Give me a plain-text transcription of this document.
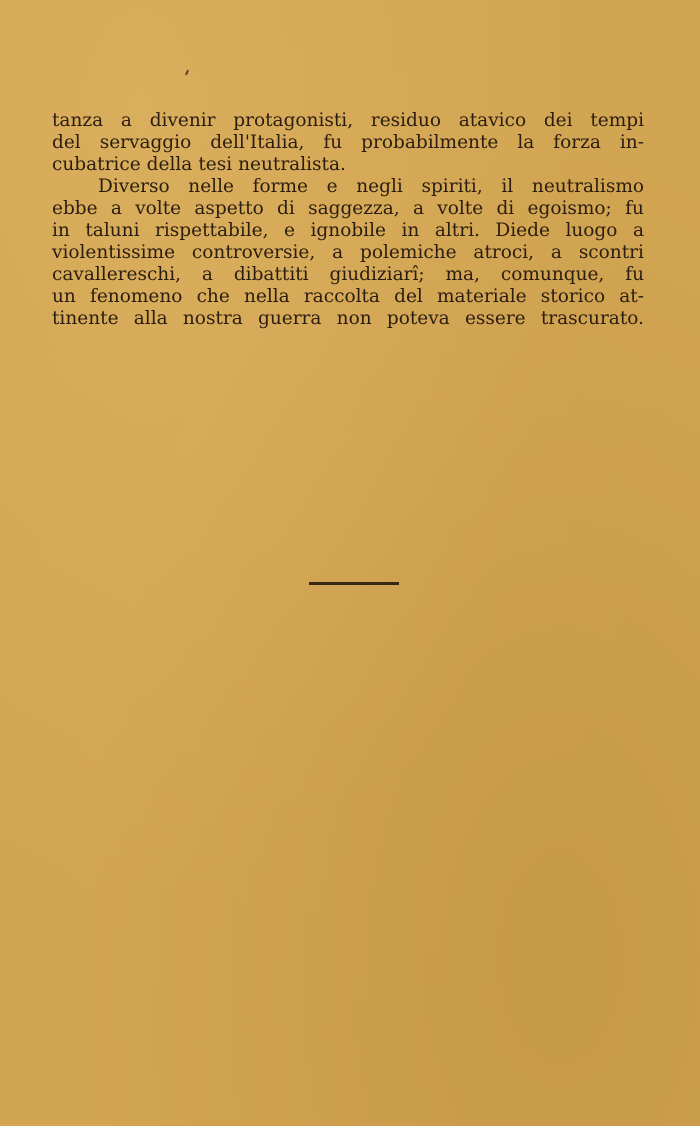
tanza a divenir protagonisti, residuo atavico dei tempi
del servaggio dell'Italia, fu probabilmente la forza in-
cubatrice della tesi neutralista.
Diverso nelle forme e negli spiriti, il neutralismo
ebbe a volte aspetto di saggezza, a volte di egoismo; fu
in taluni rispettabile, e ignobile in altri. Diede luogo a
violentissime controversie, a polemiche atroci, a scontri
cavallereschi, a dibattiti giudiziarî; ma, comunque, fu
un fenomeno che nella raccolta del materiale storico at-
tinente alla nostra guerra non poteva essere trascurato.
